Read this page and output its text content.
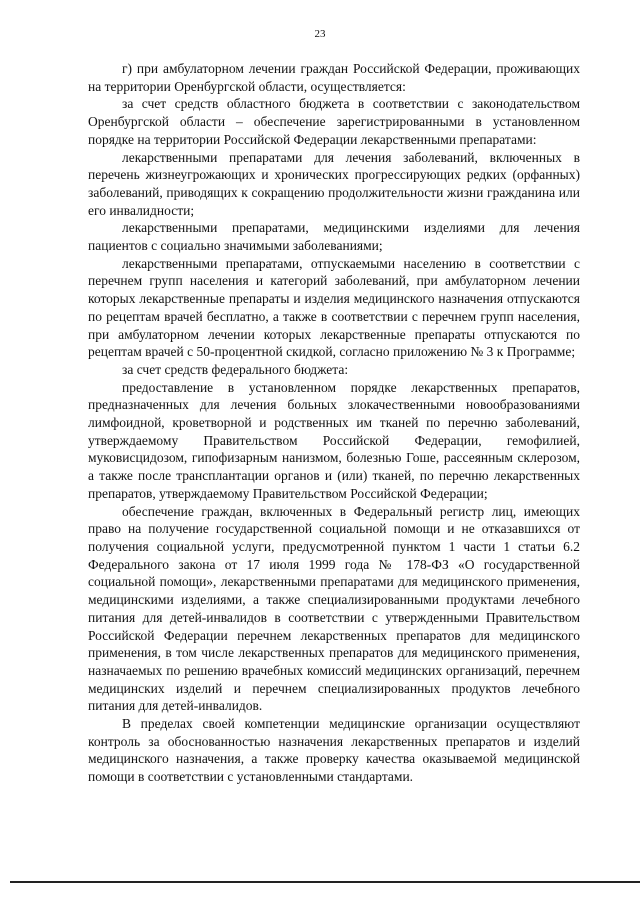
23

г) при амбулаторном лечении граждан Российской Федерации, проживающих на территории Оренбургской области, осуществляется:

за счет средств областного бюджета в соответствии с законодательством Оренбургской области – обеспечение зарегистрированными в установленном порядке на территории Российской Федерации лекарственными препаратами:

лекарственными препаратами для лечения заболеваний, включенных в перечень жизнеугрожающих и хронических прогрессирующих редких (орфанных) заболеваний, приводящих к сокращению продолжительности жизни гражданина или его инвалидности;

лекарственными препаратами, медицинскими изделиями для лечения пациентов с социально значимыми заболеваниями;

лекарственными препаратами, отпускаемыми населению в соответствии с перечнем групп населения и категорий заболеваний, при амбулаторном лечении которых лекарственные препараты и изделия медицинского назначения отпускаются по рецептам врачей бесплатно, а также в соответствии с перечнем групп населения, при амбулаторном лечении которых лекарственные препараты отпускаются по рецептам врачей с 50-процентной скидкой, согласно приложению № 3 к Программе;

за счет средств федерального бюджета:

предоставление в установленном порядке лекарственных препаратов, предназначенных для лечения больных злокачественными новообразованиями лимфоидной, кроветворной и родственных им тканей по перечню заболеваний, утверждаемому Правительством Российской Федерации, гемофилией, муковисцидозом, гипофизарным нанизмом, болезнью Гоше, рассеянным склерозом, а также после трансплантации органов и (или) тканей, по перечню лекарственных препаратов, утверждаемому Правительством Российской Федерации;

обеспечение граждан, включенных в Федеральный регистр лиц, имеющих право на получение государственной социальной помощи и не отказавшихся от получения социальной услуги, предусмотренной пунктом 1 части 1 статьи 6.2 Федерального закона от 17 июля 1999 года № 178-ФЗ «О государственной социальной помощи», лекарственными препаратами для медицинского применения, медицинскими изделиями, а также специализированными продуктами лечебного питания для детей-инвалидов в соответствии с утвержденными Правительством Российской Федерации перечнем лекарственных препаратов для медицинского применения, в том числе лекарственных препаратов для медицинского применения, назначаемых по решению врачебных комиссий медицинских организаций, перечнем медицинских изделий и перечнем специализированных продуктов лечебного питания для детей-инвалидов.

В пределах своей компетенции медицинские организации осуществляют контроль за обоснованностью назначения лекарственных препаратов и изделий медицинского назначения, а также проверку качества оказываемой медицинской помощи в соответствии с установленными стандартами.
